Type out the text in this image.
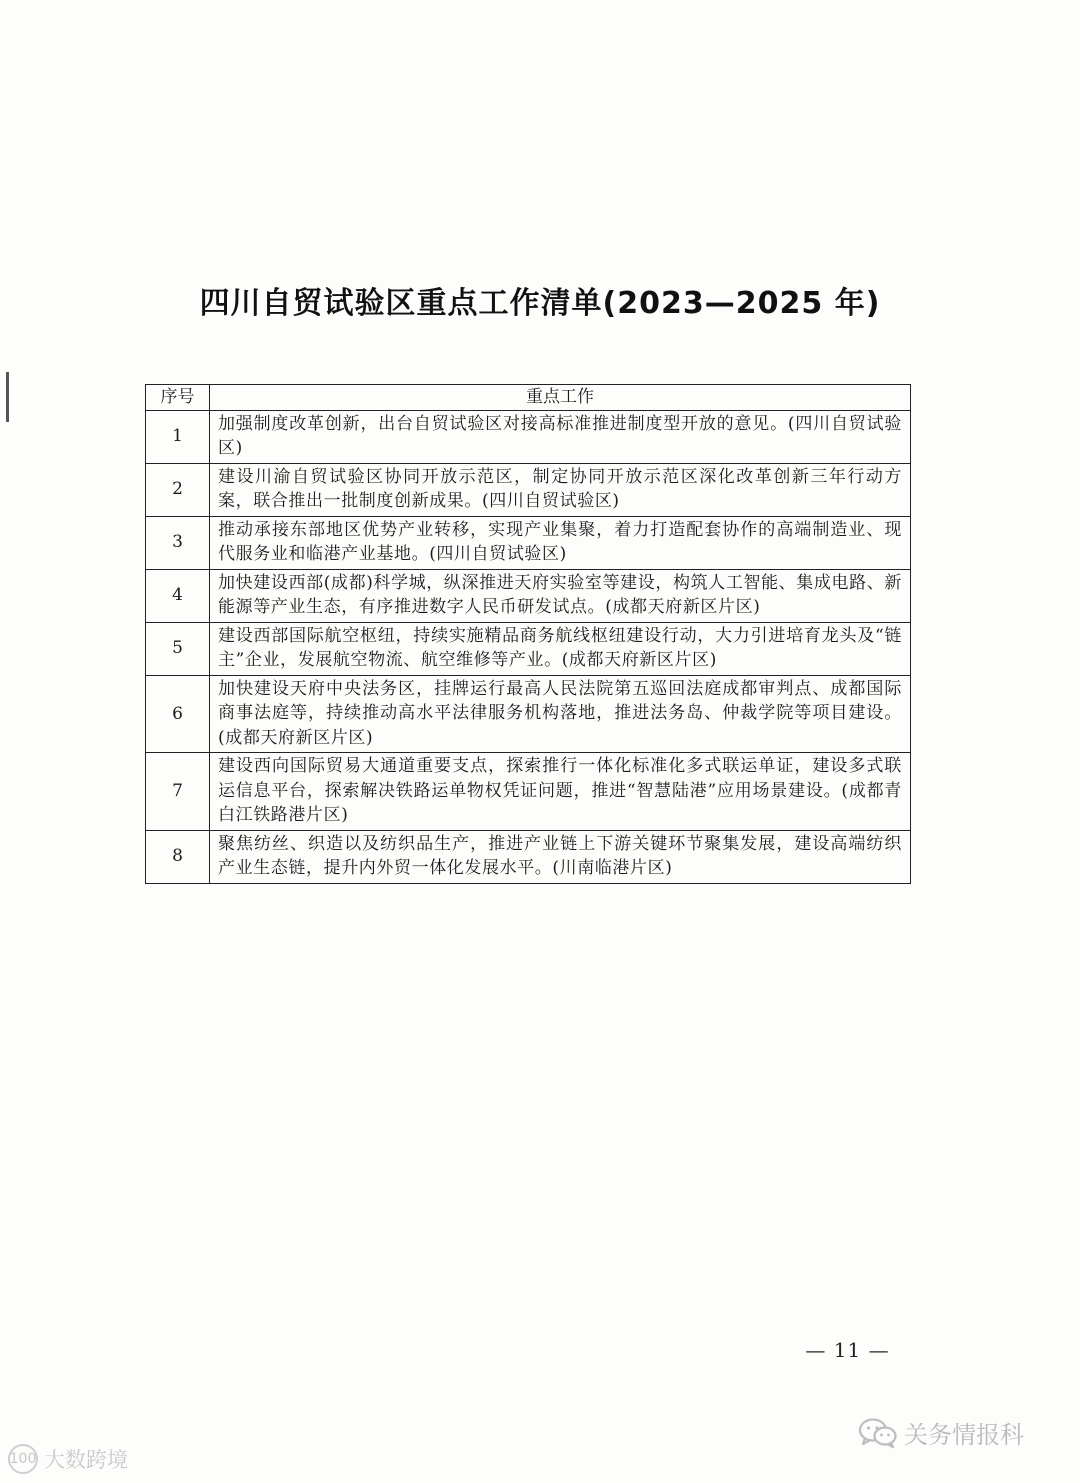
四川自贸试验区重点工作清单(2023—2025 年)
序号	重点工作
1	加强制度改革创新，出台自贸试验区对接高标准推进制度型开放的意见。(四川自贸试验区)
2	建设川渝自贸试验区协同开放示范区，制定协同开放示范区深化改革创新三年行动方案，联合推出一批制度创新成果。(四川自贸试验区)
3	推动承接东部地区优势产业转移，实现产业集聚，着力打造配套协作的高端制造业、现代服务业和临港产业基地。(四川自贸试验区)
4	加快建设西部(成都)科学城，纵深推进天府实验室等建设，构筑人工智能、集成电路、新能源等产业生态，有序推进数字人民币研发试点。(成都天府新区片区)
5	建设西部国际航空枢纽，持续实施精品商务航线枢纽建设行动，大力引进培育龙头及“链主”企业，发展航空物流、航空维修等产业。(成都天府新区片区)
6	加快建设天府中央法务区，挂牌运行最高人民法院第五巡回法庭成都审判点、成都国际商事法庭等，持续推动高水平法律服务机构落地，推进法务岛、仲裁学院等项目建设。(成都天府新区片区)
7	建设西向国际贸易大通道重要支点，探索推行一体化标准化多式联运单证，建设多式联运信息平台，探索解决铁路运单物权凭证问题，推进“智慧陆港”应用场景建设。(成都青白江铁路港片区)
8	聚焦纺丝、织造以及纺织品生产，推进产业链上下游关键环节聚集发展，建设高端纺织产业生态链，提升内外贸一体化发展水平。(川南临港片区)
— 11 —
100 大数跨境
关务情报科
